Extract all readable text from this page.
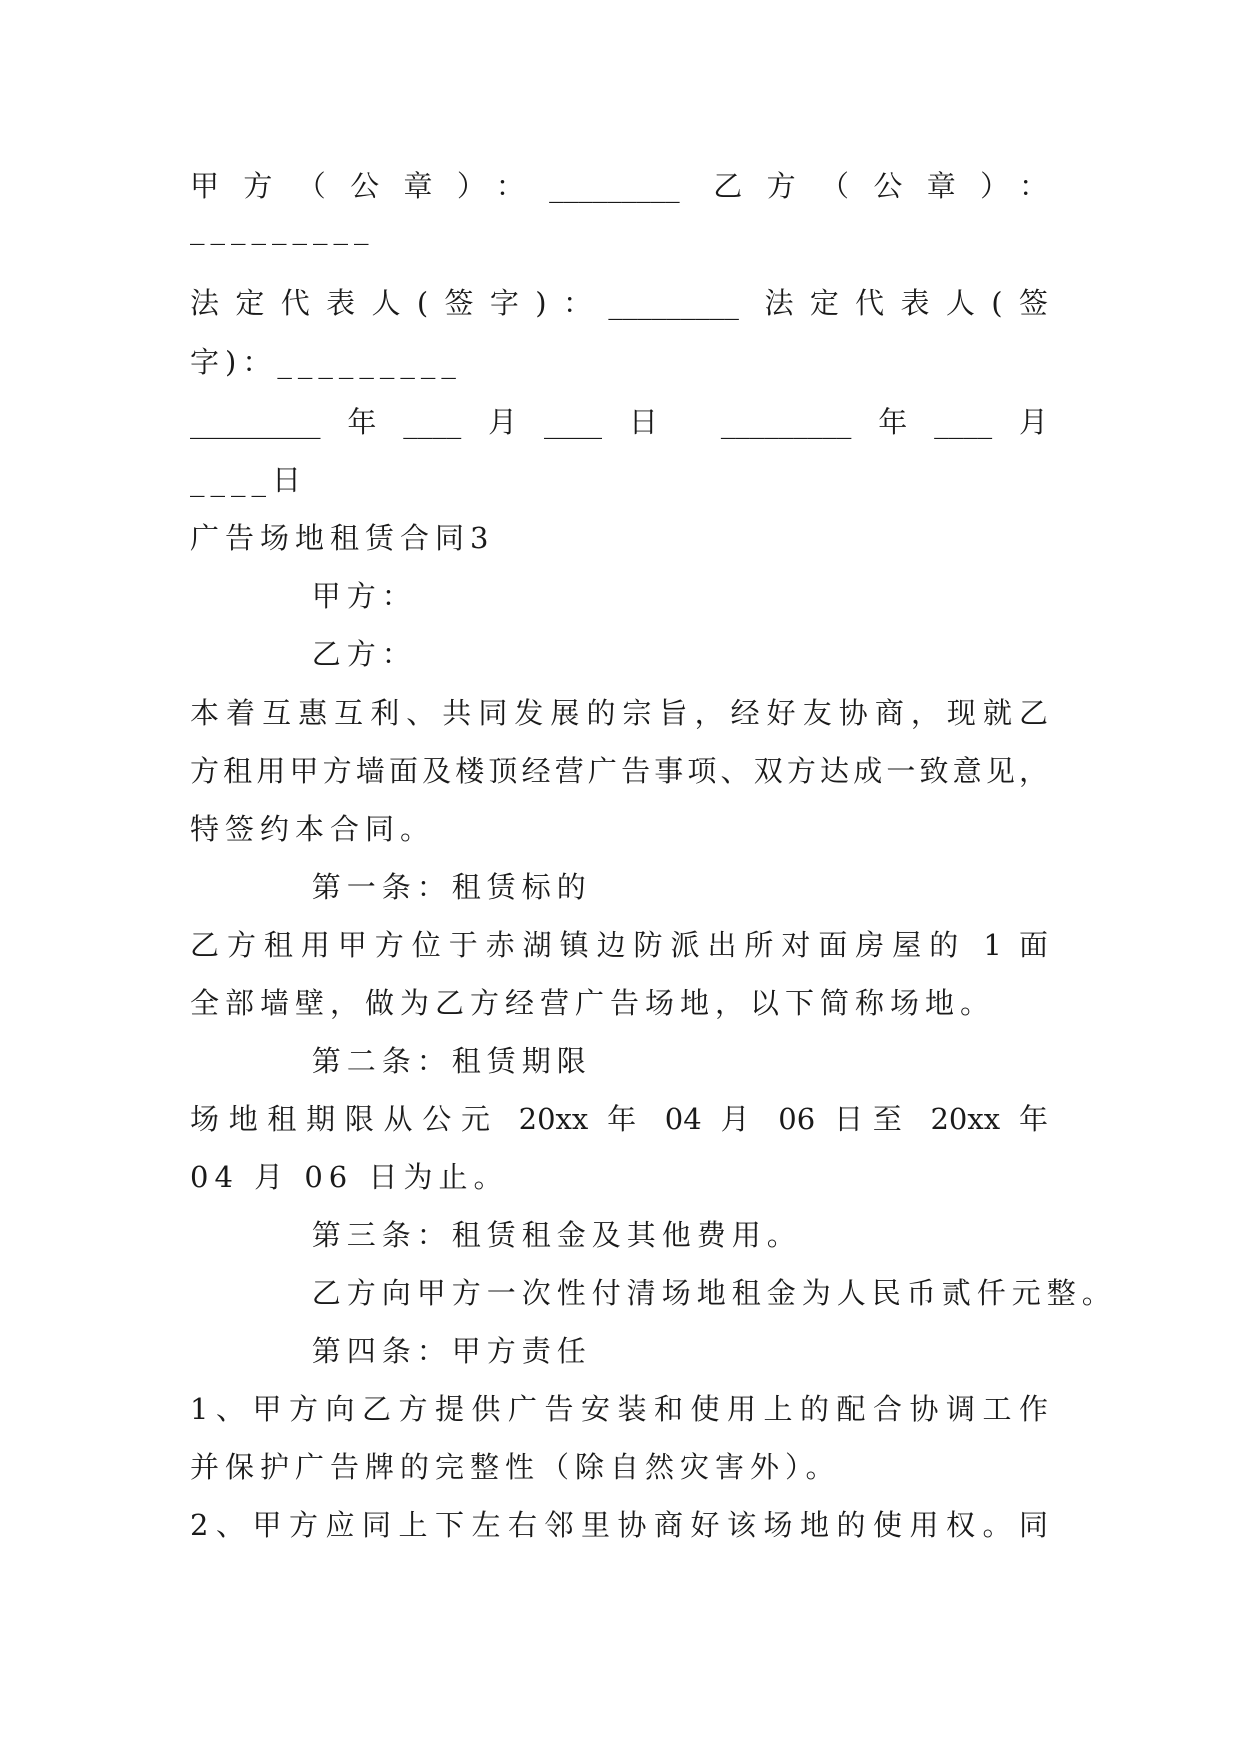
甲方（公章）：_________ 乙方（公章）：
_________
法定代表人(签字)：_________ 法定代表人(签
字)：_________
_________年____月____日 _________年____月
____日
广告场地租赁合同3
甲方：
乙方：
本着互惠互利、共同发展的宗旨，经好友协商，现就乙
方租用甲方墙面及楼顶经营广告事项、双方达成一致意见，
特签约本合同。
第一条：租赁标的
乙方租用甲方位于赤湖镇边防派出所对面房屋的 1 面
全部墙壁，做为乙方经营广告场地，以下简称场地。
第二条：租赁期限
场地租期限从公元 20xx 年 04 月 06 日至 20xx 年
04 月 06 日为止。
第三条：租赁租金及其他费用。
乙方向甲方一次性付清场地租金为人民币贰仟元整。
第四条：甲方责任
1、甲方向乙方提供广告安装和使用上的配合协调工作
并保护广告牌的完整性（除自然灾害外）。
2、甲方应同上下左右邻里协商好该场地的使用权。同
